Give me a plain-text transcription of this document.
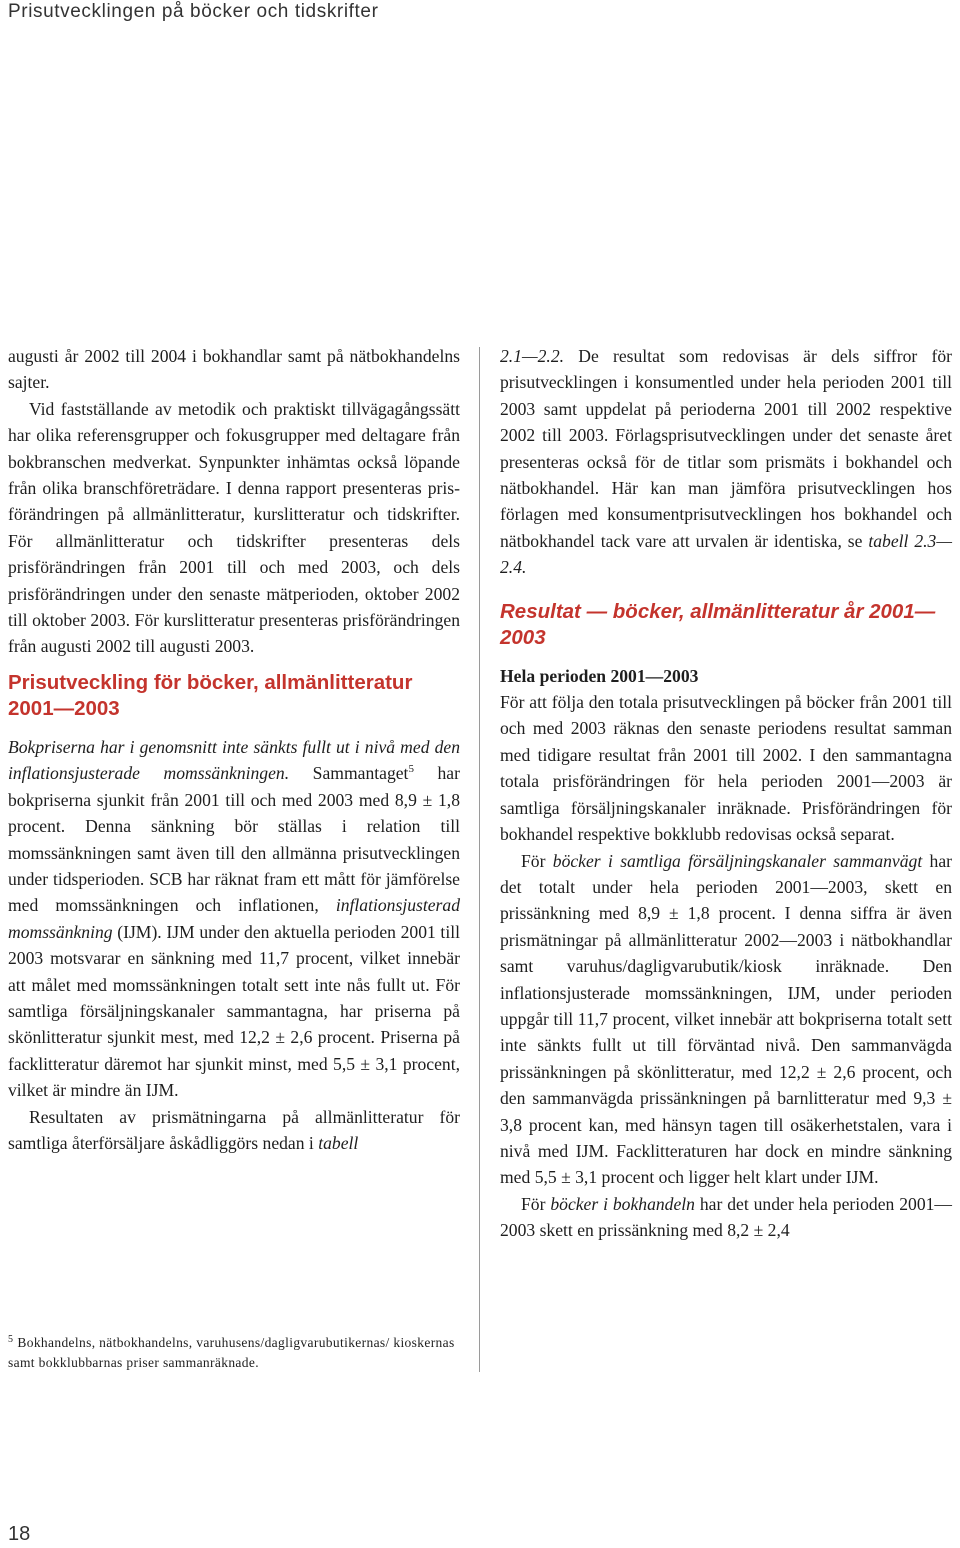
Prisutvecklingen på böcker och tidskrifter

augusti år 2002 till 2004 i bokhandlar samt på nätbokhandelns sajter.

Vid fastställande av metodik och praktiskt tillvägagångssätt har olika referensgrupper och fokusgrupper med deltagare från bokbranschen medverkat. Synpunkter inhämtas också löpande från olika branschföreträdare. I denna rapport presenteras prisförändringen på allmänlitteratur, kurslitteratur och tidskrifter. För allmänlitteratur och tidskrifter presenteras dels prisförändringen från 2001 till och med 2003, och dels prisförändringen under den senaste mätperioden, oktober 2002 till oktober 2003. För kurslitteratur presenteras prisförändringen från augusti 2002 till augusti 2003.

Prisutveckling för böcker, allmänlitteratur 2001—2003

Bokpriserna har i genomsnitt inte sänkts fullt ut i nivå med den inflationsjusterade momssänkningen. Sammantaget$^5$ har bokpriserna sjunkit från 2001 till och med 2003 med 8,9 ± 1,8 procent. Denna sänkning bör ställas i relation till momssänkningen samt även till den allmänna prisutvecklingen under tidsperioden. SCB har räknat fram ett mått för jämförelse med momssänkningen och inflationen, inflationsjusterad momssänkning (IJM). IJM under den aktuella perioden 2001 till 2003 motsvarar en sänkning med 11,7 procent, vilket innebär att målet med momssänkningen totalt sett inte nås fullt ut. För samtliga försäljningskanaler sammantagna, har priserna på skönlitteratur sjunkit mest, med 12,2 ± 2,6 procent. Priserna på facklitteratur däremot har sjunkit minst, med 5,5 ± 3,1 procent, vilket är mindre än IJM.

Resultaten av prismätningarna på allmänlitteratur för samtliga återförsäljare åskådliggörs nedan i tabell

2.1—2.2. De resultat som redovisas är dels siffror för prisutvecklingen i konsumentled under hela perioden 2001 till 2003 samt uppdelat på perioderna 2001 till 2002 respektive 2002 till 2003. Förlagsprisutvecklingen under det senaste året presenteras också för de titlar som prismäts i bokhandel och nätbokhandel. Här kan man jämföra prisutvecklingen hos förlagen med konsumentprisutvecklingen hos bokhandel och nätbokhandel tack vare att urvalen är identiska, se tabell 2.3—2.4.

Resultat — böcker, allmänlitteratur år 2001—2003
Hela perioden 2001—2003

För att följa den totala prisutvecklingen på böcker från 2001 till och med 2003 räknas den senaste periodens resultat samman med tidigare resultat från 2001 till 2002. I den sammantagna totala prisförändringen för hela perioden 2001—2003 är samtliga försäljningskanaler inräknade. Prisförändringen för bokhandel respektive bokklubb redovisas också separat.

För böcker i samtliga försäljningskanaler sammanvägt har det totalt under hela perioden 2001—2003, skett en prissänkning med 8,9 ± 1,8 procent. I denna siffra är även prismätningar på allmänlitteratur 2002—2003 i nätbokhandlar samt varuhus/dagligvarubutik/kiosk inräknade. Den inflationsjusterade momssänkningen, IJM, under perioden uppgår till 11,7 procent, vilket innebär att bokpriserna totalt sett inte sänkts fullt ut till förväntad nivå. Den sammanvägda prissänkningen på skönlitteratur, med 12,2 ± 2,6 procent, och den sammanvägda prissänkningen på barnlitteratur med 9,3 ± 3,8 procent kan, med hänsyn tagen till osäkerhetstalen, vara i nivå med IJM. Facklitteraturen har dock en mindre sänkning med 5,5 ± 3,1 procent och ligger helt klart under IJM.

För böcker i bokhandeln har det under hela perioden 2001—2003 skett en prissänkning med 8,2 ± 2,4

$^5$ Bokhandelns, nätbokhandelns, varuhusens/dagligvarubutikernas/ kioskernas samt bokklubbarnas priser sammanräknade.
18
